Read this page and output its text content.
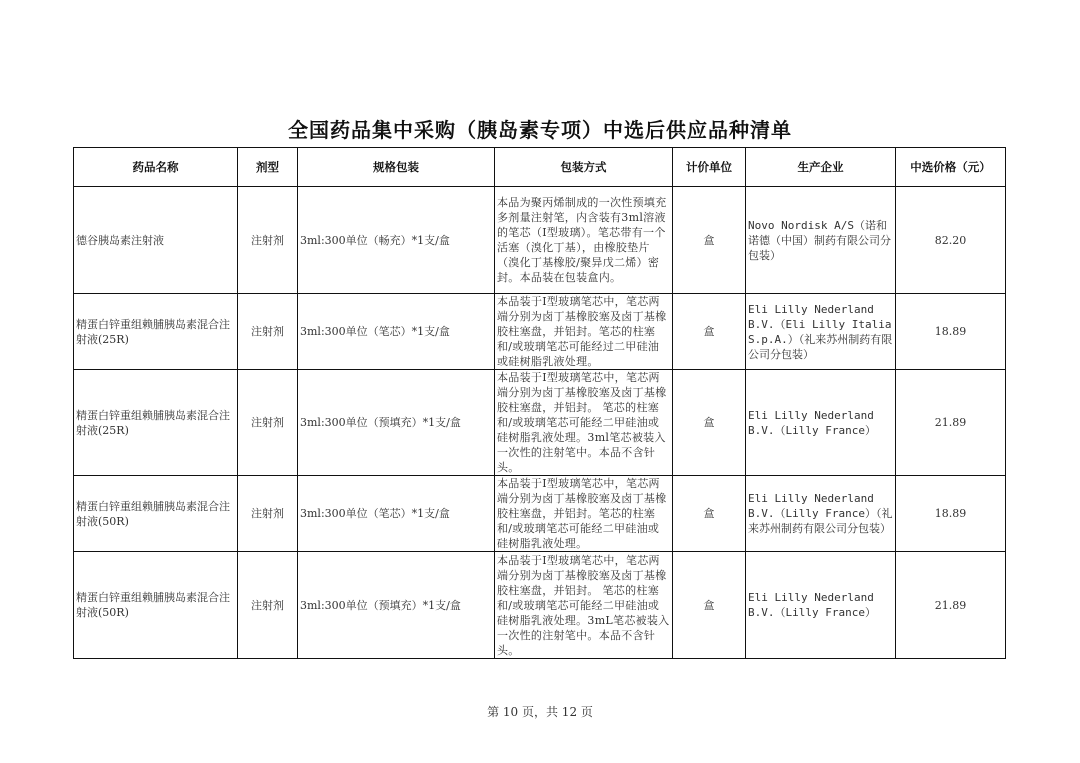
全国药品集中采购（胰岛素专项）中选后供应品种清单
药品名称	剂型	规格包装	包装方式	计价单位	生产企业	中选价格（元）
德谷胰岛素注射液	注射剂	3ml:300单位（畅充）*1支/盒	本品为聚丙烯制成的一次性预填充多剂量注射笔，内含装有3ml溶液的笔芯（I型玻璃）。笔芯带有一个活塞（溴化丁基），由橡胶垫片（溴化丁基橡胶/聚异戊二烯）密封。本品装在包装盒内。	盒	Novo Nordisk A/S（诺和诺德（中国）制药有限公司分包装）	82.20
精蛋白锌重组赖脯胰岛素混合注射液(25R)	注射剂	3ml:300单位（笔芯）*1支/盒	本品装于I型玻璃笔芯中，笔芯两端分别为卤丁基橡胶塞及卤丁基橡胶柱塞盘，并铝封。笔芯的柱塞和/或玻璃笔芯可能经过二甲硅油或硅树脂乳液处理。	盒	Eli Lilly Nederland B.V.（Eli Lilly Italia S.p.A.）（礼来苏州制药有限公司分包装）	18.89
精蛋白锌重组赖脯胰岛素混合注射液(25R)	注射剂	3ml:300单位（预填充）*1支/盒	本品装于Ⅰ型玻璃笔芯中，笔芯两端分别为卤丁基橡胶塞及卤丁基橡胶柱塞盘，并铝封。 笔芯的柱塞和/或玻璃笔芯可能经二甲硅油或硅树脂乳液处理。3ml笔芯被装入一次性的注射笔中。本品不含针头。	盒	Eli Lilly Nederland B.V.（Lilly France）	21.89
精蛋白锌重组赖脯胰岛素混合注射液(50R)	注射剂	3ml:300单位（笔芯）*1支/盒	本品装于Ⅰ型玻璃笔芯中，笔芯两端分别为卤丁基橡胶塞及卤丁基橡胶柱塞盘，并铝封。笔芯的柱塞和/或玻璃笔芯可能经二甲硅油或硅树脂乳液处理。	盒	Eli Lilly Nederland B.V.（Lilly France）（礼来苏州制药有限公司分包装）	18.89
精蛋白锌重组赖脯胰岛素混合注射液(50R)	注射剂	3ml:300单位（预填充）*1支/盒	本品装于Ⅰ型玻璃笔芯中，笔芯两端分别为卤丁基橡胶塞及卤丁基橡胶柱塞盘，并铝封。 笔芯的柱塞和/或玻璃笔芯可能经二甲硅油或硅树脂乳液处理。3mL笔芯被装入一次性的注射笔中。本品不含针头。	盒	Eli Lilly Nederland B.V.（Lilly France）	21.89
第 10 页，共 12 页
